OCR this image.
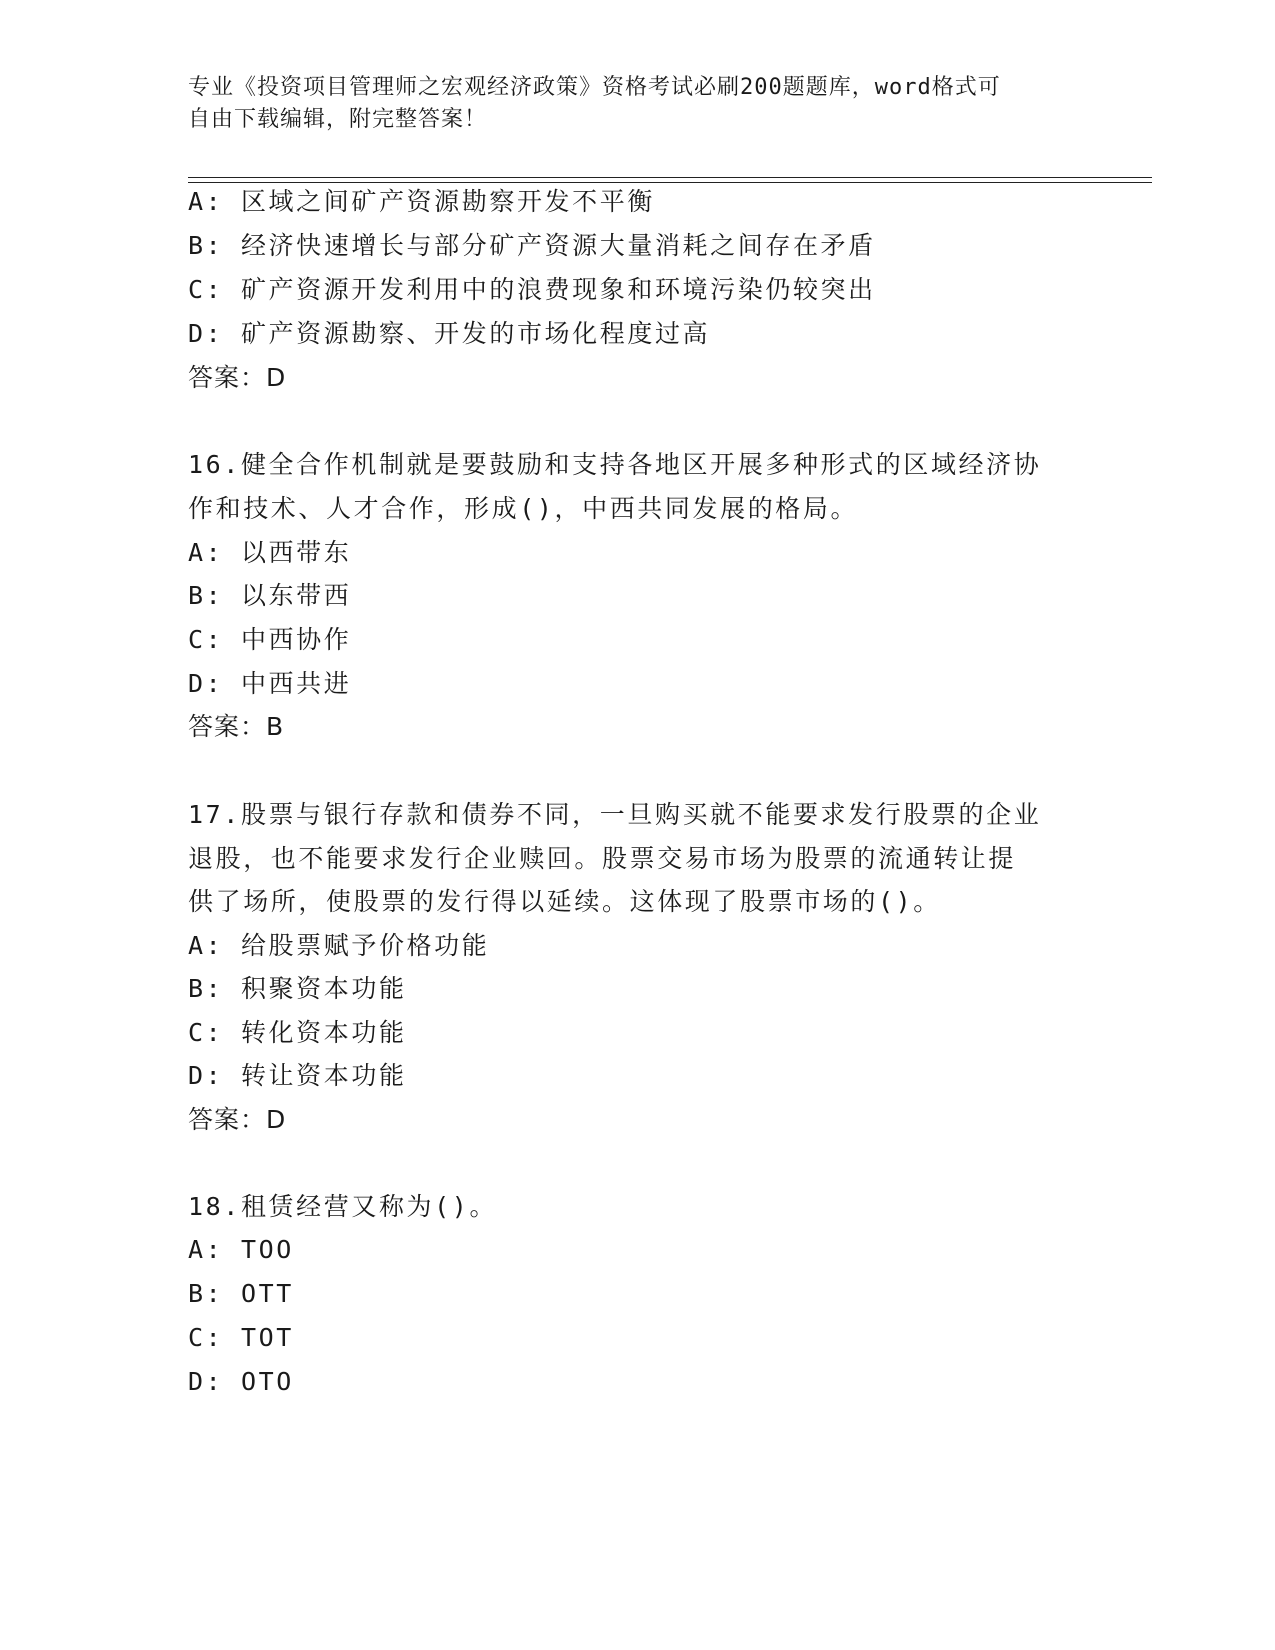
专业《投资项目管理师之宏观经济政策》资格考试必刷200题题库，word格式可
自由下载编辑，附完整答案！
A: 区域之间矿产资源勘察开发不平衡
B: 经济快速增长与部分矿产资源大量消耗之间存在矛盾
C: 矿产资源开发利用中的浪费现象和环境污染仍较突出
D: 矿产资源勘察、开发的市场化程度过高
答案：D
16.健全合作机制就是要鼓励和支持各地区开展多种形式的区域经济协
作和技术、人才合作，形成()，中西共同发展的格局。
A: 以西带东
B: 以东带西
C: 中西协作
D: 中西共进
答案：B
17.股票与银行存款和债券不同，一旦购买就不能要求发行股票的企业
退股，也不能要求发行企业赎回。股票交易市场为股票的流通转让提
供了场所，使股票的发行得以延续。这体现了股票市场的()。
A: 给股票赋予价格功能
B: 积聚资本功能
C: 转化资本功能
D: 转让资本功能
答案：D
18.租赁经营又称为()。
A: TOO
B: OTT
C: TOT
D: OTO
